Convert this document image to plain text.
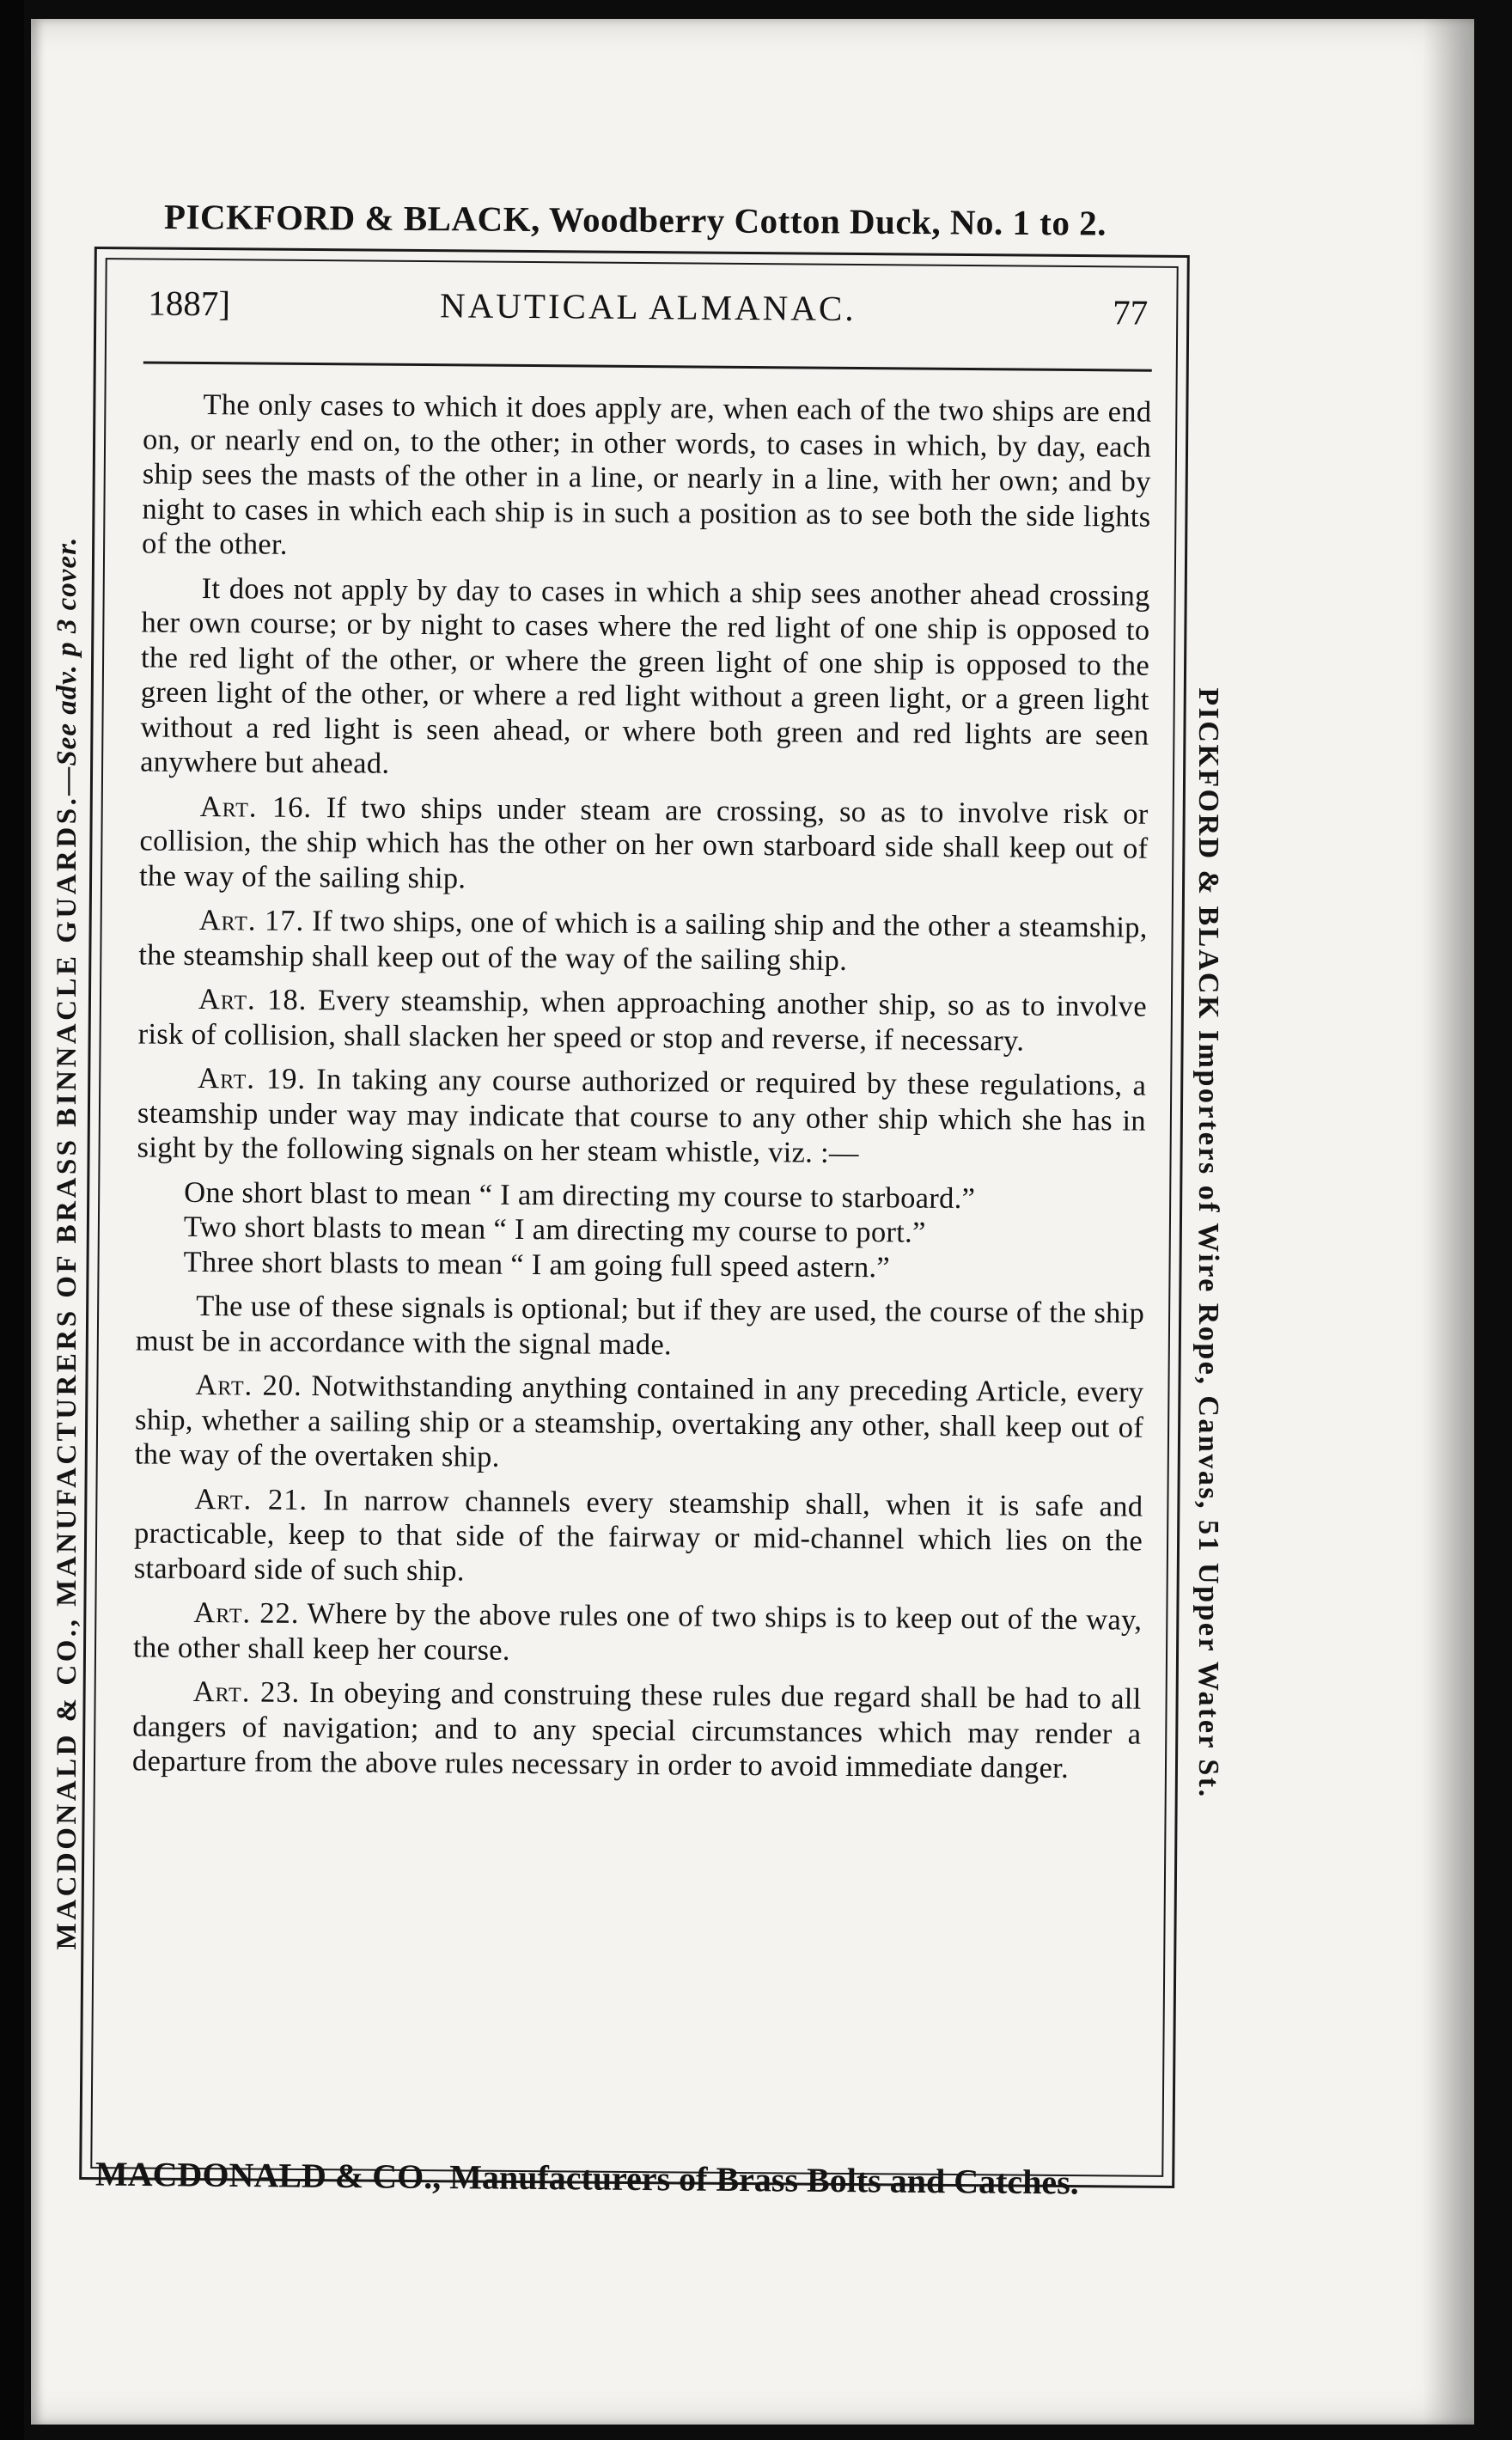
PICKFORD & BLACK, Woodberry Cotton Duck, No. 1 to 2.
MACDONALD & CO., MANUFACTURERS OF BRASS BINNACLE GUARDS.—See adv. p 3 cover.
PICKFORD & BLACK Importers of Wire Rope, Canvas, 51 Upper Water St.
1887]	NAUTICAL ALMANAC.	77

The only cases to which it does apply are, when each of the two ships are end on, or nearly end on, to the other; in other words, to cases in which, by day, each ship sees the masts of the other in a line, or nearly in a line, with her own; and by night to cases in which each ship is in such a position as to see both the side lights of the other.

It does not apply by day to cases in which a ship sees another ahead crossing her own course; or by night to cases where the red light of one ship is opposed to the red light of the other, or where the green light of one ship is opposed to the green light of the other, or where a red light without a green light, or a green light without a red light is seen ahead, or where both green and red lights are seen anywhere but ahead.

Art. 16. If two ships under steam are crossing, so as to involve risk or collision, the ship which has the other on her own starboard side shall keep out of the way of the sailing ship.

Art. 17. If two ships, one of which is a sailing ship and the other a steamship, the steamship shall keep out of the way of the sailing ship.

Art. 18. Every steamship, when approaching another ship, so as to involve risk of collision, shall slacken her speed or stop and reverse, if necessary.

Art. 19. In taking any course authorized or required by these regulations, a steamship under way may indicate that course to any other ship which she has in sight by the following signals on her steam whistle, viz. :—

One short blast to mean “ I am directing my course to starboard.”

Two short blasts to mean “ I am directing my course to port.”

Three short blasts to mean “ I am going full speed astern.”

The use of these signals is optional; but if they are used, the course of the ship must be in accordance with the signal made.

Art. 20. Notwithstanding anything contained in any preceding Article, every ship, whether a sailing ship or a steamship, overtaking any other, shall keep out of the way of the overtaken ship.

Art. 21. In narrow channels every steamship shall, when it is safe and practicable, keep to that side of the fairway or mid-channel which lies on the starboard side of such ship.

Art. 22. Where by the above rules one of two ships is to keep out of the way, the other shall keep her course.

Art. 23. In obeying and construing these rules due regard shall be had to all dangers of navigation; and to any special circumstances which may render a departure from the above rules necessary in order to avoid immediate danger.

MACDONALD & CO., Manufacturers of Brass Bolts and Catches.
